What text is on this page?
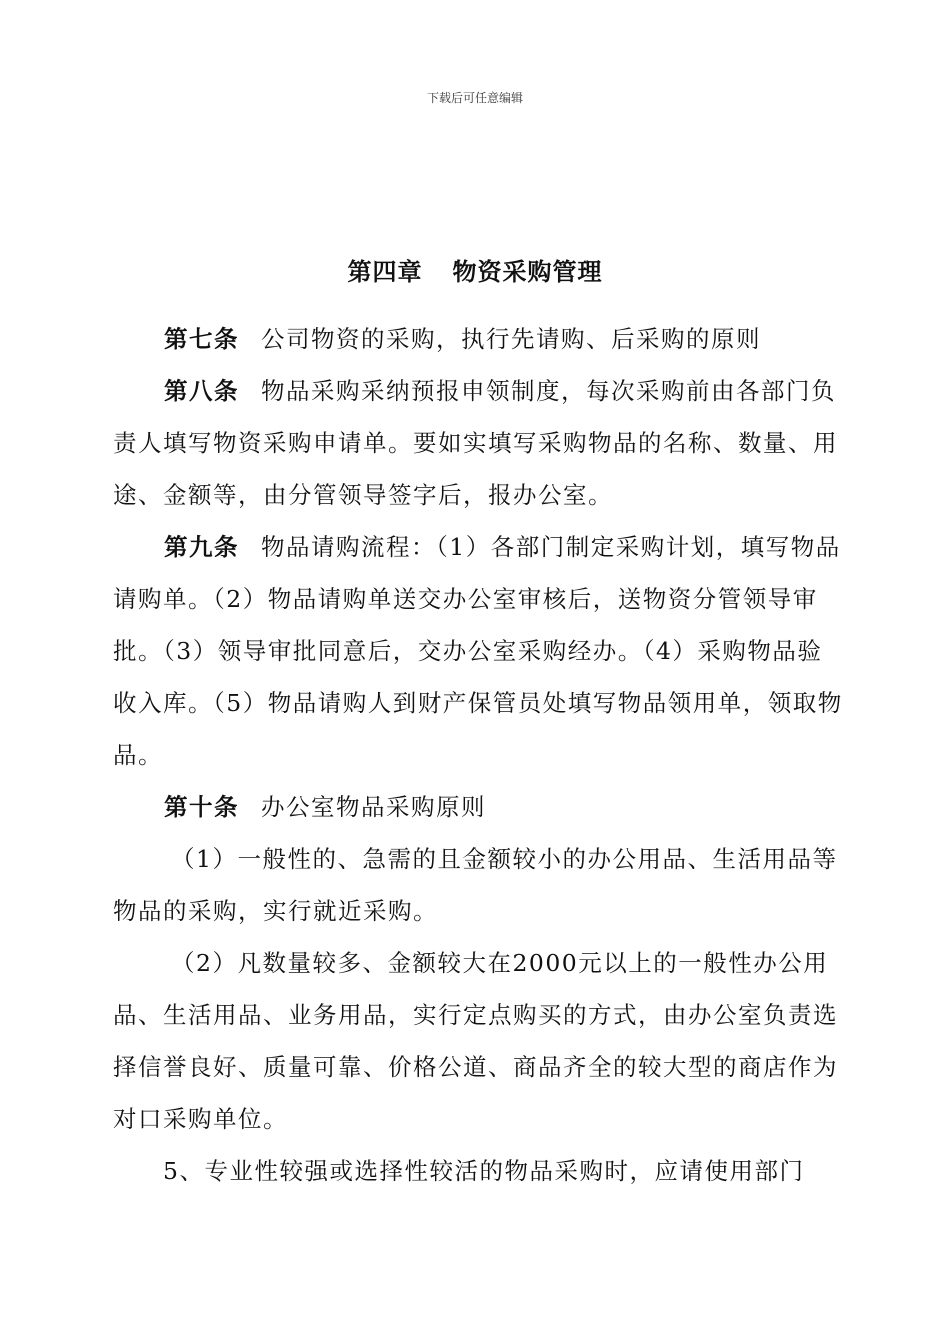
下载后可任意编辑
第四章 物资采购管理

第七条 公司物资的采购，执行先请购、后采购的原则

第八条 物品采购采纳预报申领制度，每次采购前由各部门负责人填写物资采购申请单。要如实填写采购物品的名称、数量、用途、金额等，由分管领导签字后，报办公室。

第九条 物品请购流程：（1）各部门制定采购计划，填写物品请购单。（2）物品请购单送交办公室审核后，送物资分管领导审批。（3）领导审批同意后，交办公室采购经办。（4）采购物品验收入库。（5）物品请购人到财产保管员处填写物品领用单，领取物品。

第十条 办公室物品采购原则

（1）一般性的、急需的且金额较小的办公用品、生活用品等物品的采购，实行就近采购。

（2）凡数量较多、金额较大在2000元以上的一般性办公用品、生活用品、业务用品，实行定点购买的方式，由办公室负责选择信誉良好、质量可靠、价格公道、商品齐全的较大型的商店作为对口采购单位。

5、专业性较强或选择性较活的物品采购时，应请使用部门
